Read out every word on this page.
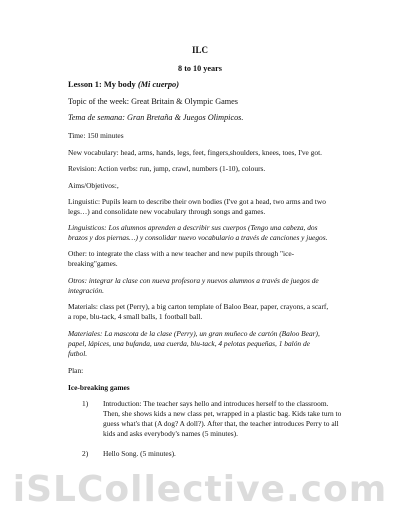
ILC
8 to 10 years
Lesson 1: My body (Mi cuerpo)
Topic of the week: Great Britain & Olympic Games
Tema de semana: Gran Bretaña & Juegos Olimpicos.
Time: 150 minutes
New vocabulary: head, arms, hands, legs, feet, fingers,shoulders, knees, toes, I've got.
Revision: Action verbs: run, jump, crawl, numbers (1-10), colours.
Aims/Objetivos:,
Linguistic: Pupils learn to describe their own bodies (I've got a head, two arms and two
legs…) and consolidate new vocabulary through songs and games.
Linguisticos: Los alumnos aprenden a describir sus cuerpos (Tengo una cabeza, dos
brazos y dos piernas…) y consolidar nuevo vocabulario a través de canciones y juegos.
Other: to integrate the class with a new teacher and new pupils through "ice-
breaking"games.
Otros: integrar la clase con nueva profesora y nuevos alumnos a través de juegos de
integración.
Materials: class pet (Perry), a big carton template of Baloo Bear, paper, crayons, a scarf,
a rope, blu-tack, 4 small balls, 1 football ball.
Materiales: La mascota de la clase (Perry), un gran muñeco de cartón (Baloo Bear),
papel, lápices, una bufanda, una cuerda, blu-tack, 4 pelotas pequeñas, 1 balón de
futbol.
Plan:
Ice-breaking games
1) Introduction: The teacher says hello and introduces herself to the classroom.
Then, she shows kids a new class pet, wrapped in a plastic bag. Kids take turn to
guess what's that (A dog? A doll?). After that, the teacher introduces Perry to all
kids and asks everybody's names (5 minutes).
2) Hello Song. (5 minutes).
iSLCollective.com
